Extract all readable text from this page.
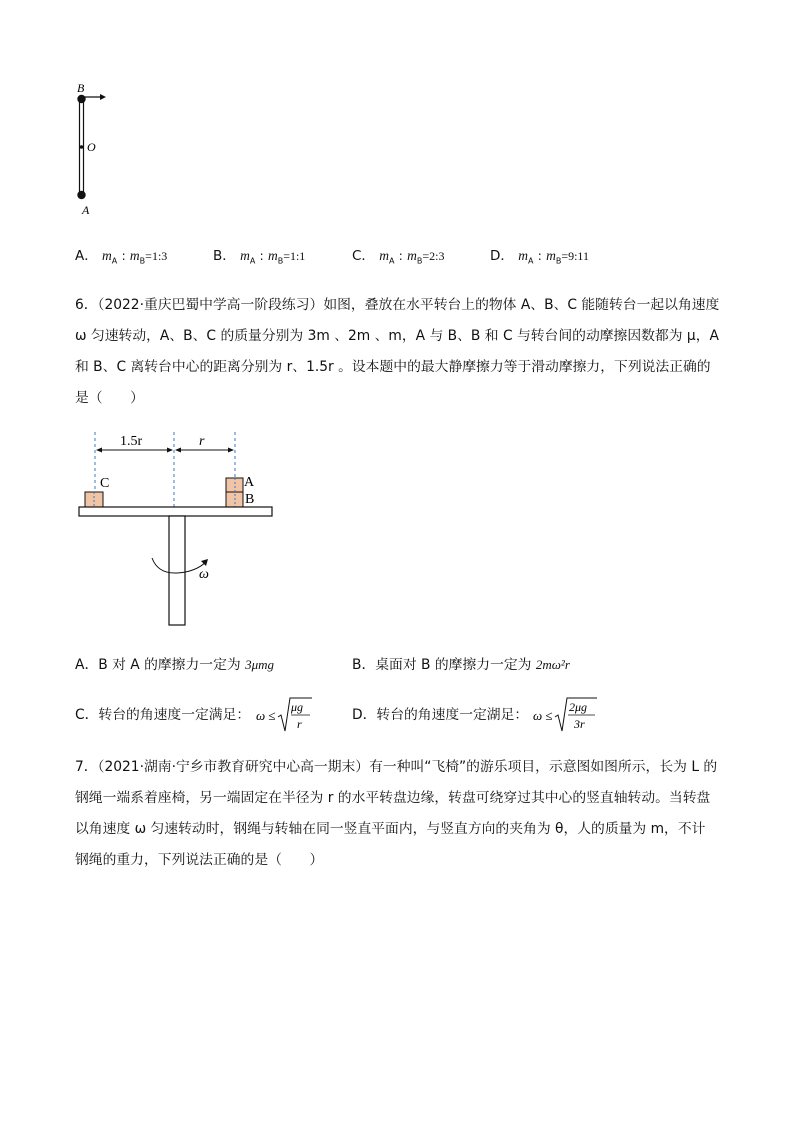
B
O
A
A． $m_A$ : $m_B=1:3$	B． $m_A$ : $m_B=1:1$	C． $m_A$ : $m_B=2:3$	D． $m_A$ : $m_B=9:11$
6．（2022·重庆巴蜀中学高一阶段练习）如图，叠放在水平转台上的物体 A、B、C 能随转台一起以角速度
ω 匀速转动，A、B、C 的质量分别为 3m 、2m 、m，A 与 B、B 和 C 与转台间的动摩擦因数都为 μ，A
和 B、C 离转台中心的距离分别为 r、1.5r 。设本题中的最大静摩擦力等于滑动摩擦力，下列说法正确的
是（　　）
1.5r	r
C	A
B
ω
A．B 对 A 的摩擦力一定为 3μmg	B．桌面对 B 的摩擦力一定为 2mω²r
C．转台的角速度一定满足： ω ≤
μg
r
D．转台的角速度一定湖足： ω ≤
2μg
3r
7．（2021·湖南·宁乡市教育研究中心高一期末）有一种叫“飞椅”的游乐项目，示意图如图所示，长为 L 的
钢绳一端系着座椅，另一端固定在半径为 r 的水平转盘边缘，转盘可绕穿过其中心的竖直轴转动。当转盘
以角速度 ω 匀速转动时，钢绳与转轴在同一竖直平面内，与竖直方向的夹角为 θ，人的质量为 m，不计
钢绳的重力，下列说法正确的是（　　）
